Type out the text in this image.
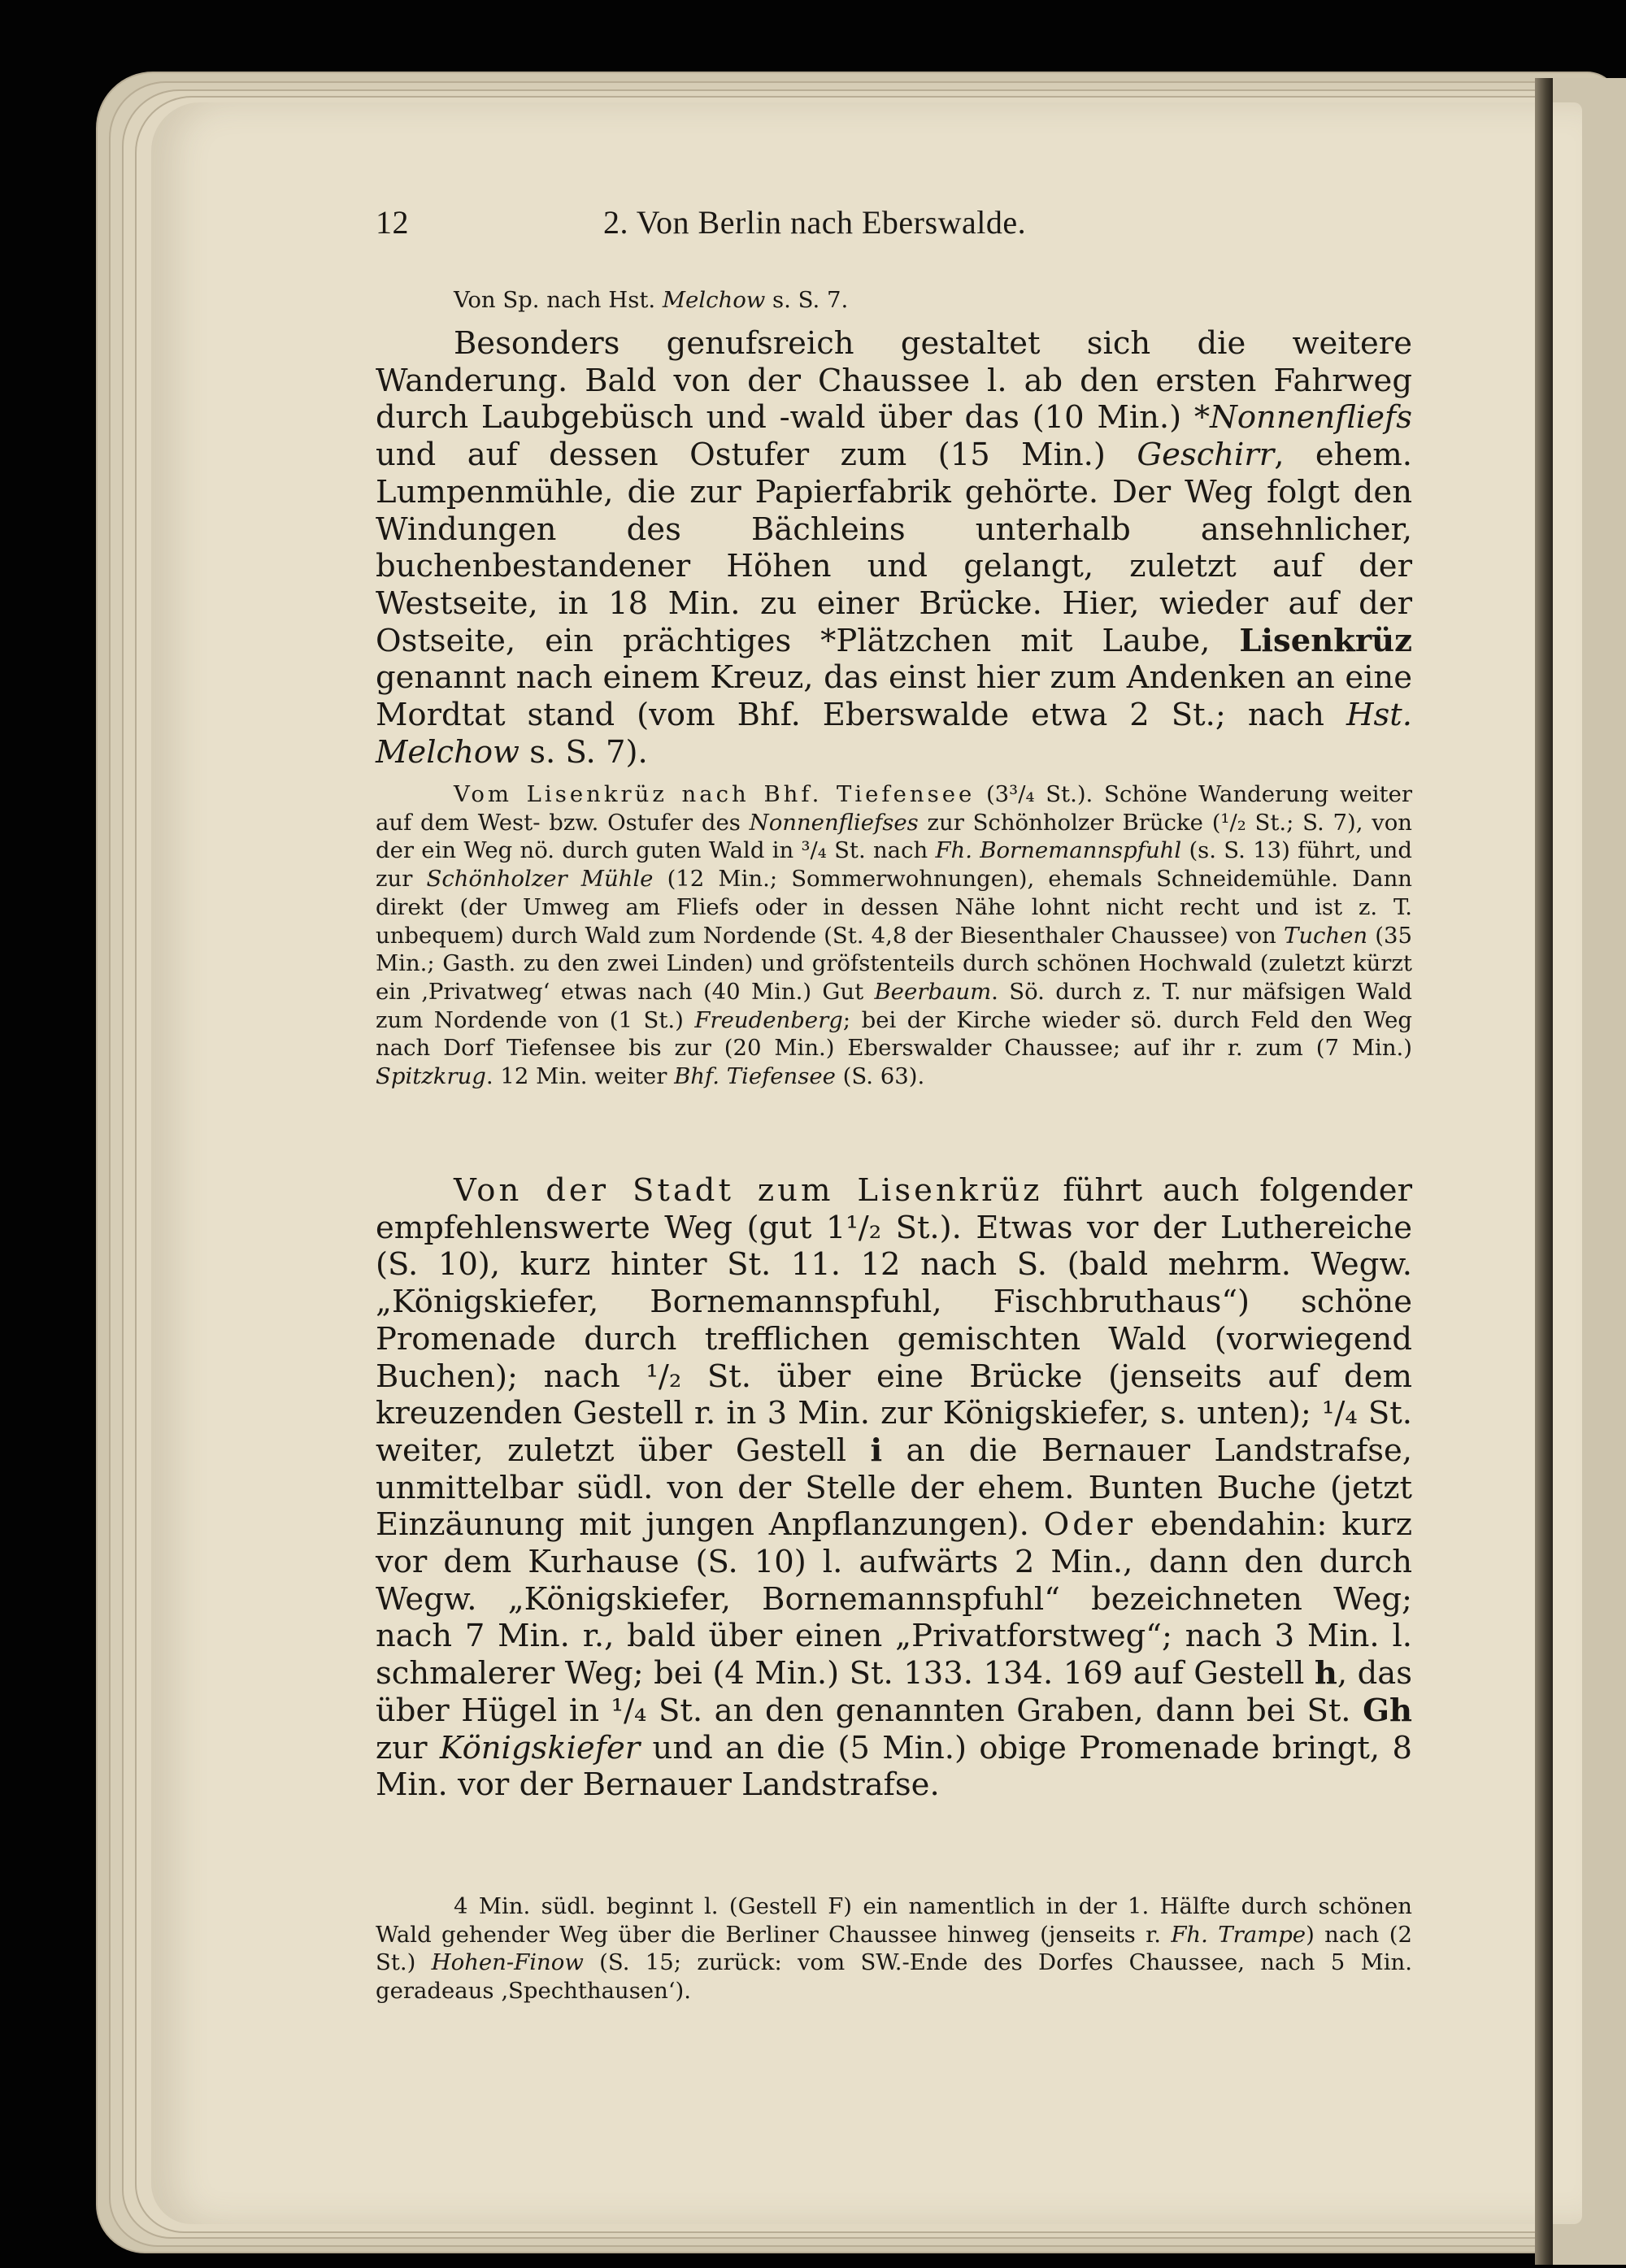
12	2. Von Berlin nach Eberswalde.
Von Sp. nach Hst. Melchow s. S. 7.
Besonders genufsreich gestaltet sich die weitere Wanderung. Bald von der Chaussee l. ab den ersten Fahrweg durch Laubgebüsch und -wald über das (10 Min.) *Nonnenfliefs und auf dessen Ostufer zum (15 Min.) Geschirr, ehem. Lumpenmühle, die zur Papierfabrik gehörte. Der Weg folgt den Windungen des Bächleins unterhalb ansehnlicher, buchenbestandener Höhen und gelangt, zuletzt auf der Westseite, in 18 Min. zu einer Brücke. Hier, wieder auf der Ostseite, ein prächtiges *Plätzchen mit Laube, Lisenkrüz genannt nach einem Kreuz, das einst hier zum Andenken an eine Mordtat stand (vom Bhf. Eberswalde etwa 2 St.; nach Hst. Melchow s. S. 7).
Vom Lisenkrüz nach Bhf. Tiefensee (3³/₄ St.). Schöne Wanderung weiter auf dem West- bzw. Ostufer des Nonnenfliefses zur Schönholzer Brücke (¹/₂ St.; S. 7), von der ein Weg nö. durch guten Wald in ³/₄ St. nach Fh. Bornemannspfuhl (s. S. 13) führt, und zur Schönholzer Mühle (12 Min.; Sommerwohnungen), ehemals Schneidemühle. Dann direkt (der Umweg am Fliefs oder in dessen Nähe lohnt nicht recht und ist z. T. unbequem) durch Wald zum Nordende (St. 4,8 der Biesenthaler Chaussee) von Tuchen (35 Min.; Gasth. zu den zwei Linden) und gröfstenteils durch schönen Hochwald (zuletzt kürzt ein ‚Privatweg‘ etwas nach (40 Min.) Gut Beerbaum. Sö. durch z. T. nur mäfsigen Wald zum Nordende von (1 St.) Freudenberg; bei der Kirche wieder sö. durch Feld den Weg nach Dorf Tiefensee bis zur (20 Min.) Eberswalder Chaussee; auf ihr r. zum (7 Min.) Spitzkrug. 12 Min. weiter Bhf. Tiefensee (S. 63).
Von der Stadt zum Lisenkrüz führt auch folgender empfehlenswerte Weg (gut 1¹/₂ St.). Etwas vor der Luthereiche (S. 10), kurz hinter St. 11. 12 nach S. (bald mehrm. Wegw. „Königskiefer, Bornemannspfuhl, Fischbruthaus“) schöne Promenade durch trefflichen gemischten Wald (vorwiegend Buchen); nach ¹/₂ St. über eine Brücke (jenseits auf dem kreuzenden Gestell r. in 3 Min. zur Königskiefer, s. unten); ¹/₄ St. weiter, zuletzt über Gestell i an die Bernauer Landstrafse, unmittelbar südl. von der Stelle der ehem. Bunten Buche (jetzt Einzäunung mit jungen Anpflanzungen). Oder ebendahin: kurz vor dem Kurhause (S. 10) l. aufwärts 2 Min., dann den durch Wegw. „Königskiefer, Bornemannspfuhl“ bezeichneten Weg; nach 7 Min. r., bald über einen „Privatforstweg“; nach 3 Min. l. schmalerer Weg; bei (4 Min.) St. 133. 134. 169 auf Gestell h, das über Hügel in ¹/₄ St. an den genannten Graben, dann bei St. Gh zur Königskiefer und an die (5 Min.) obige Promenade bringt, 8 Min. vor der Bernauer Landstrafse.
4 Min. südl. beginnt l. (Gestell F) ein namentlich in der 1. Hälfte durch schönen Wald gehender Weg über die Berliner Chaussee hinweg (jenseits r. Fh. Trampe) nach (2 St.) Hohen-Finow (S. 15; zurück: vom SW.-Ende des Dorfes Chaussee, nach 5 Min. geradeaus ‚Spechthausen‘).
